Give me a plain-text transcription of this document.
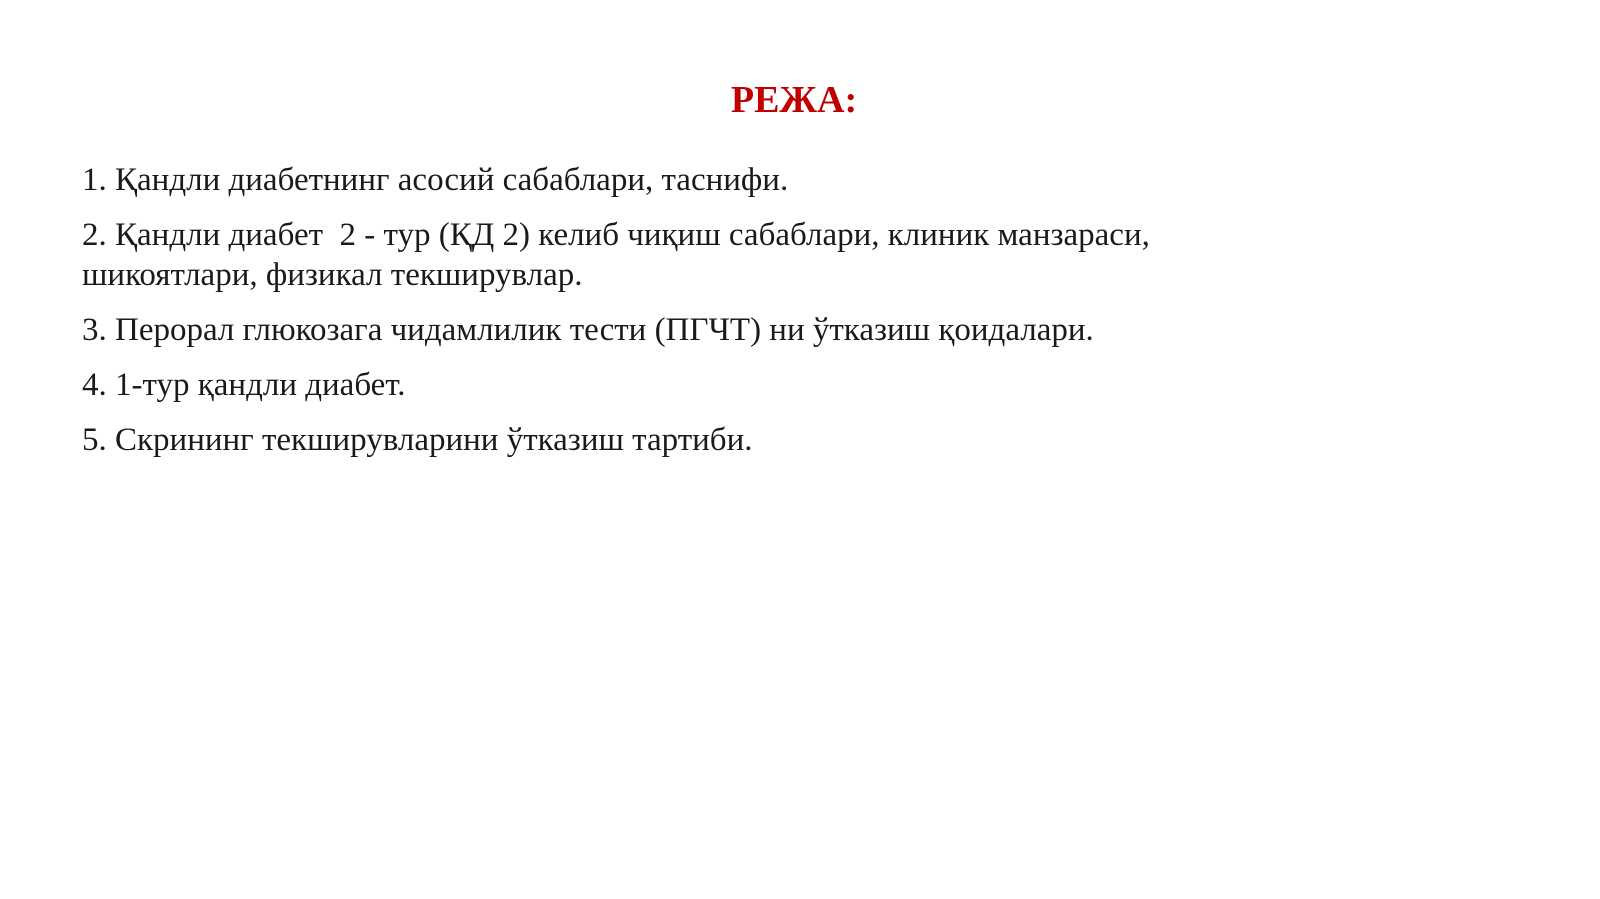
РЕЖА:
1. Қандли диабетнинг асосий сабаблари, таснифи.
2. Қандли диабет  2 - тур (ҚД 2) келиб чиқиш сабаблари, клиник манзараси, шикоятлари, физикал текширувлар.
3. Перорал глюкозага чидамлилик тести (ПГЧТ) ни ўтказиш қоидалари.
4. 1-тур қандли диабет.
5. Скрининг текширувларини ўтказиш тартиби.
